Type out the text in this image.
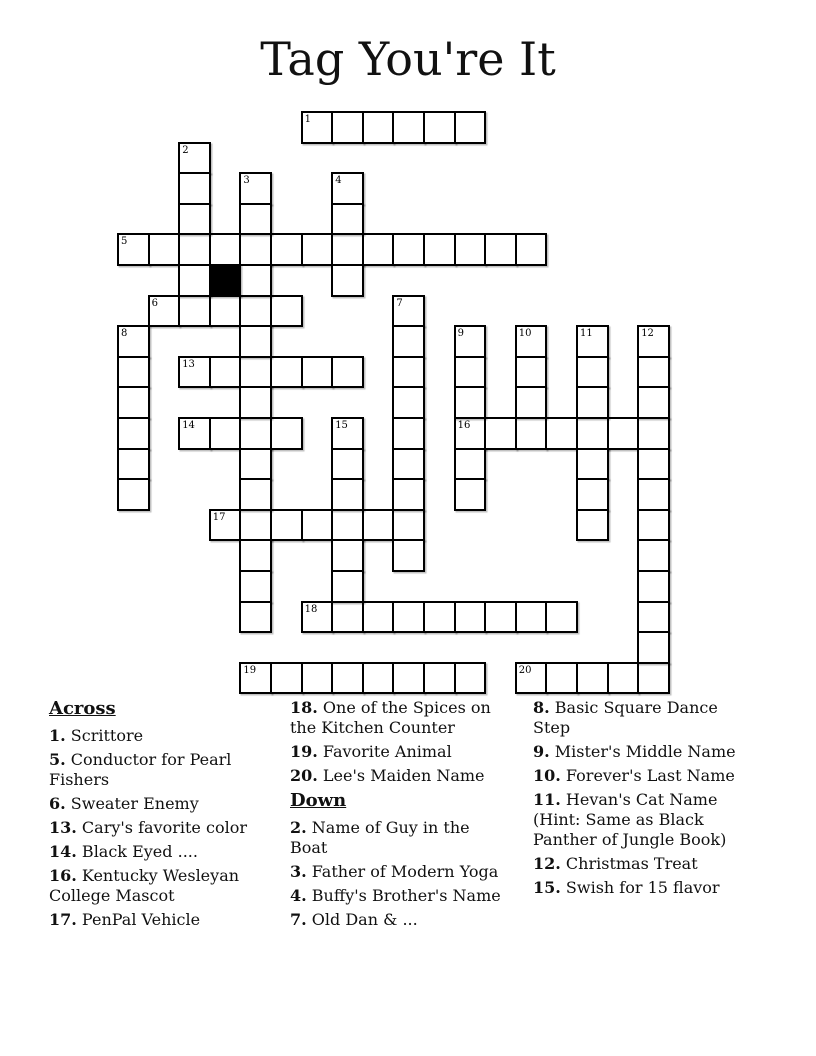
Tag You're It
1
5
6
13
14	16
17
18
19	20
2
3	4
7
8	9	10	11	12
15
Across
1. Scrittore
5. Conductor for Pearl Fishers
6. Sweater Enemy
13. Cary's favorite color
14. Black Eyed ....
16. Kentucky Wesleyan College Mascot
17. PenPal Vehicle
18. One of the Spices on the Kitchen Counter
19. Favorite Animal
20. Lee's Maiden Name
Down
2. Name of Guy in the Boat
3. Father of Modern Yoga
4. Buffy's Brother's Name
7. Old Dan & ...
8. Basic Square Dance Step
9. Mister's Middle Name
10. Forever's Last Name
11. Hevan's Cat Name (Hint: Same as Black Panther of Jungle Book)
12. Christmas Treat
15. Swish for 15 flavor
